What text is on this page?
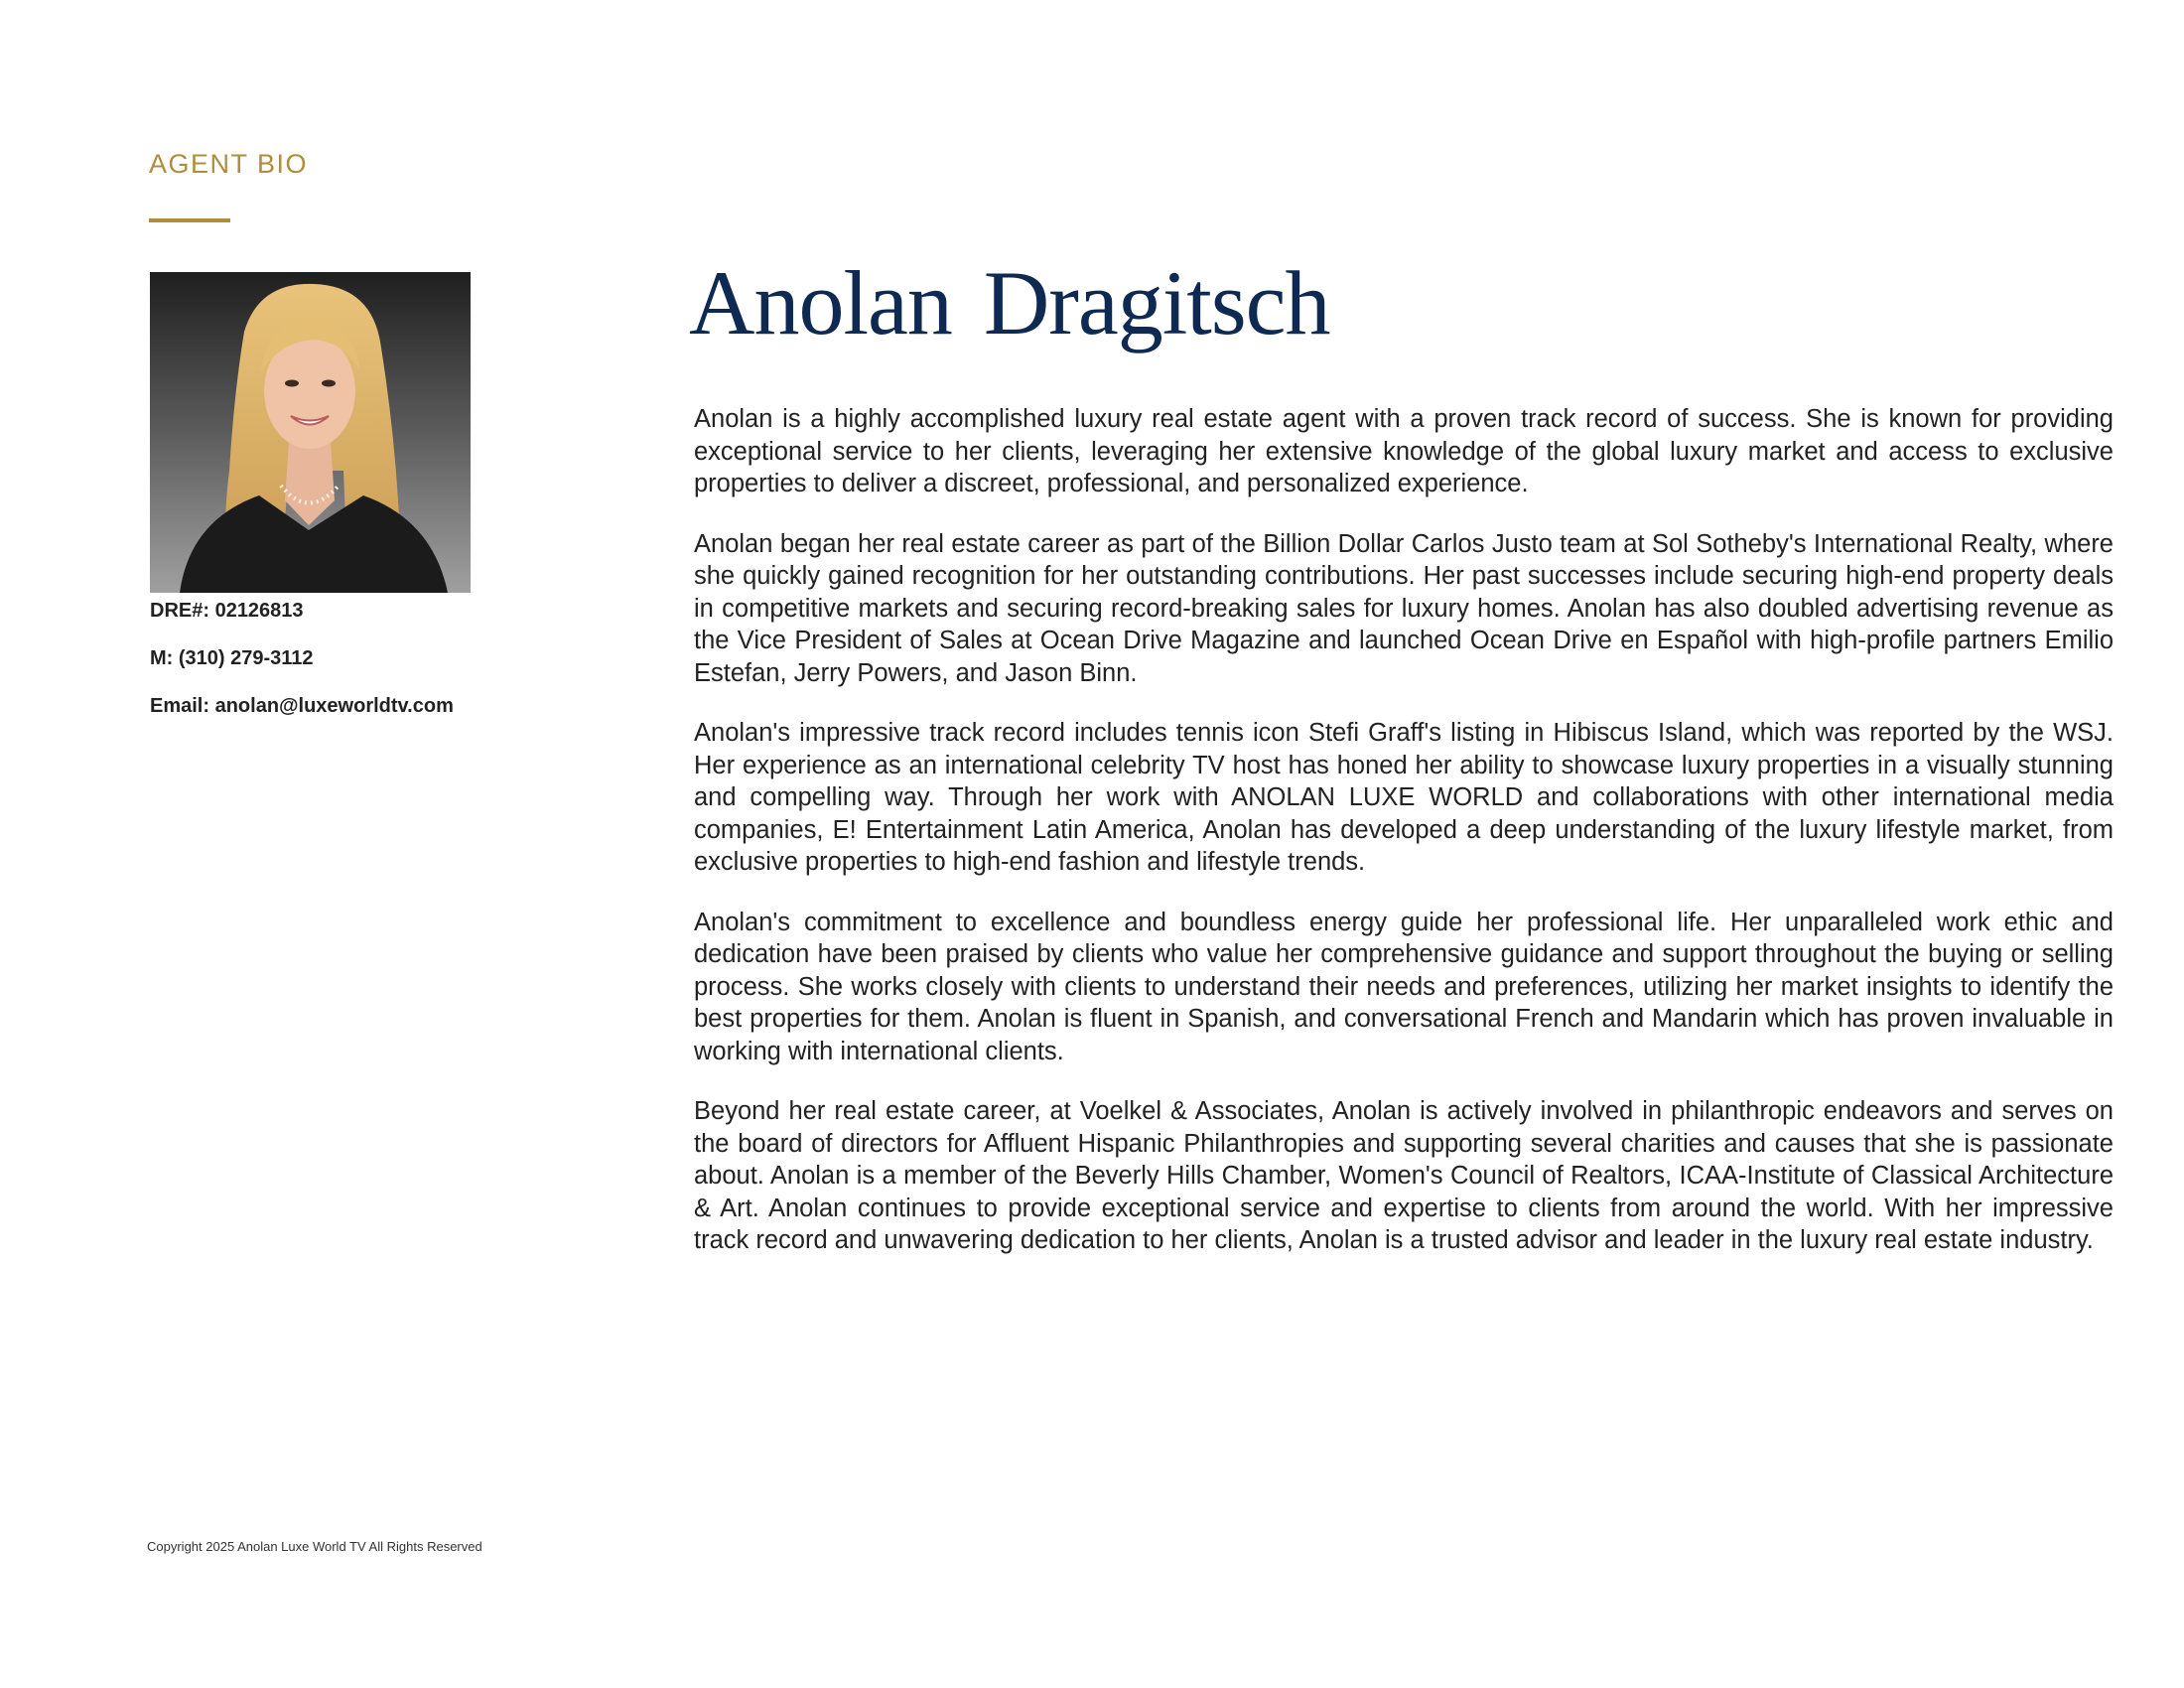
AGENT BIO
DRE#: 02126813
M: (310) 279-3112
Email: anolan@luxeworldtv.com
Anolan Dragitsch

Anolan is a highly accomplished luxury real estate agent with a proven track record of success. She is known for providing exceptional service to her clients, leveraging her extensive knowledge of the global luxury market and access to exclusive properties to deliver a discreet, professional, and personalized experience.

Anolan began her real estate career as part of the Billion Dollar Carlos Justo team at Sol Sotheby's International Realty, where she quickly gained recognition for her outstanding contributions. Her past successes include securing high-end property deals in competitive markets and securing record-breaking sales for luxury homes. Anolan has also doubled advertising revenue as the Vice President of Sales at Ocean Drive Magazine and launched Ocean Drive en Español with high-profile partners Emilio Estefan, Jerry Powers, and Jason Binn.

Anolan's impressive track record includes tennis icon Stefi Graff's listing in Hibiscus Island, which was reported by the WSJ. Her experience as an international celebrity TV host has honed her ability to showcase luxury properties in a visually stunning and compelling way. Through her work with ANOLAN LUXE WORLD and collaborations with other international media companies, E! Entertainment Latin America, Anolan has developed a deep understanding of the luxury lifestyle market, from exclusive properties to high-end fashion and lifestyle trends.

Anolan's commitment to excellence and boundless energy guide her professional life. Her unparalleled work ethic and dedication have been praised by clients who value her comprehensive guidance and support throughout the buying or selling process. She works closely with clients to understand their needs and preferences, utilizing her market insights to identify the best properties for them. Anolan is fluent in Spanish, and conversational French and Mandarin which has proven invaluable in working with international clients.

Beyond her real estate career, at Voelkel & Associates, Anolan is actively involved in philanthropic endeavors and serves on the board of directors for Affluent Hispanic Philanthropies and supporting several charities and causes that she is passionate about. Anolan is a member of the Beverly Hills Chamber, Women's Council of Realtors, ICAA-Institute of Classical Architecture & Art. Anolan continues to provide exceptional service and expertise to clients from around the world. With her impressive track record and unwavering dedication to her clients, Anolan is a trusted advisor and leader in the luxury real estate industry.

Copyright 2025 Anolan Luxe World TV All Rights Reserved
